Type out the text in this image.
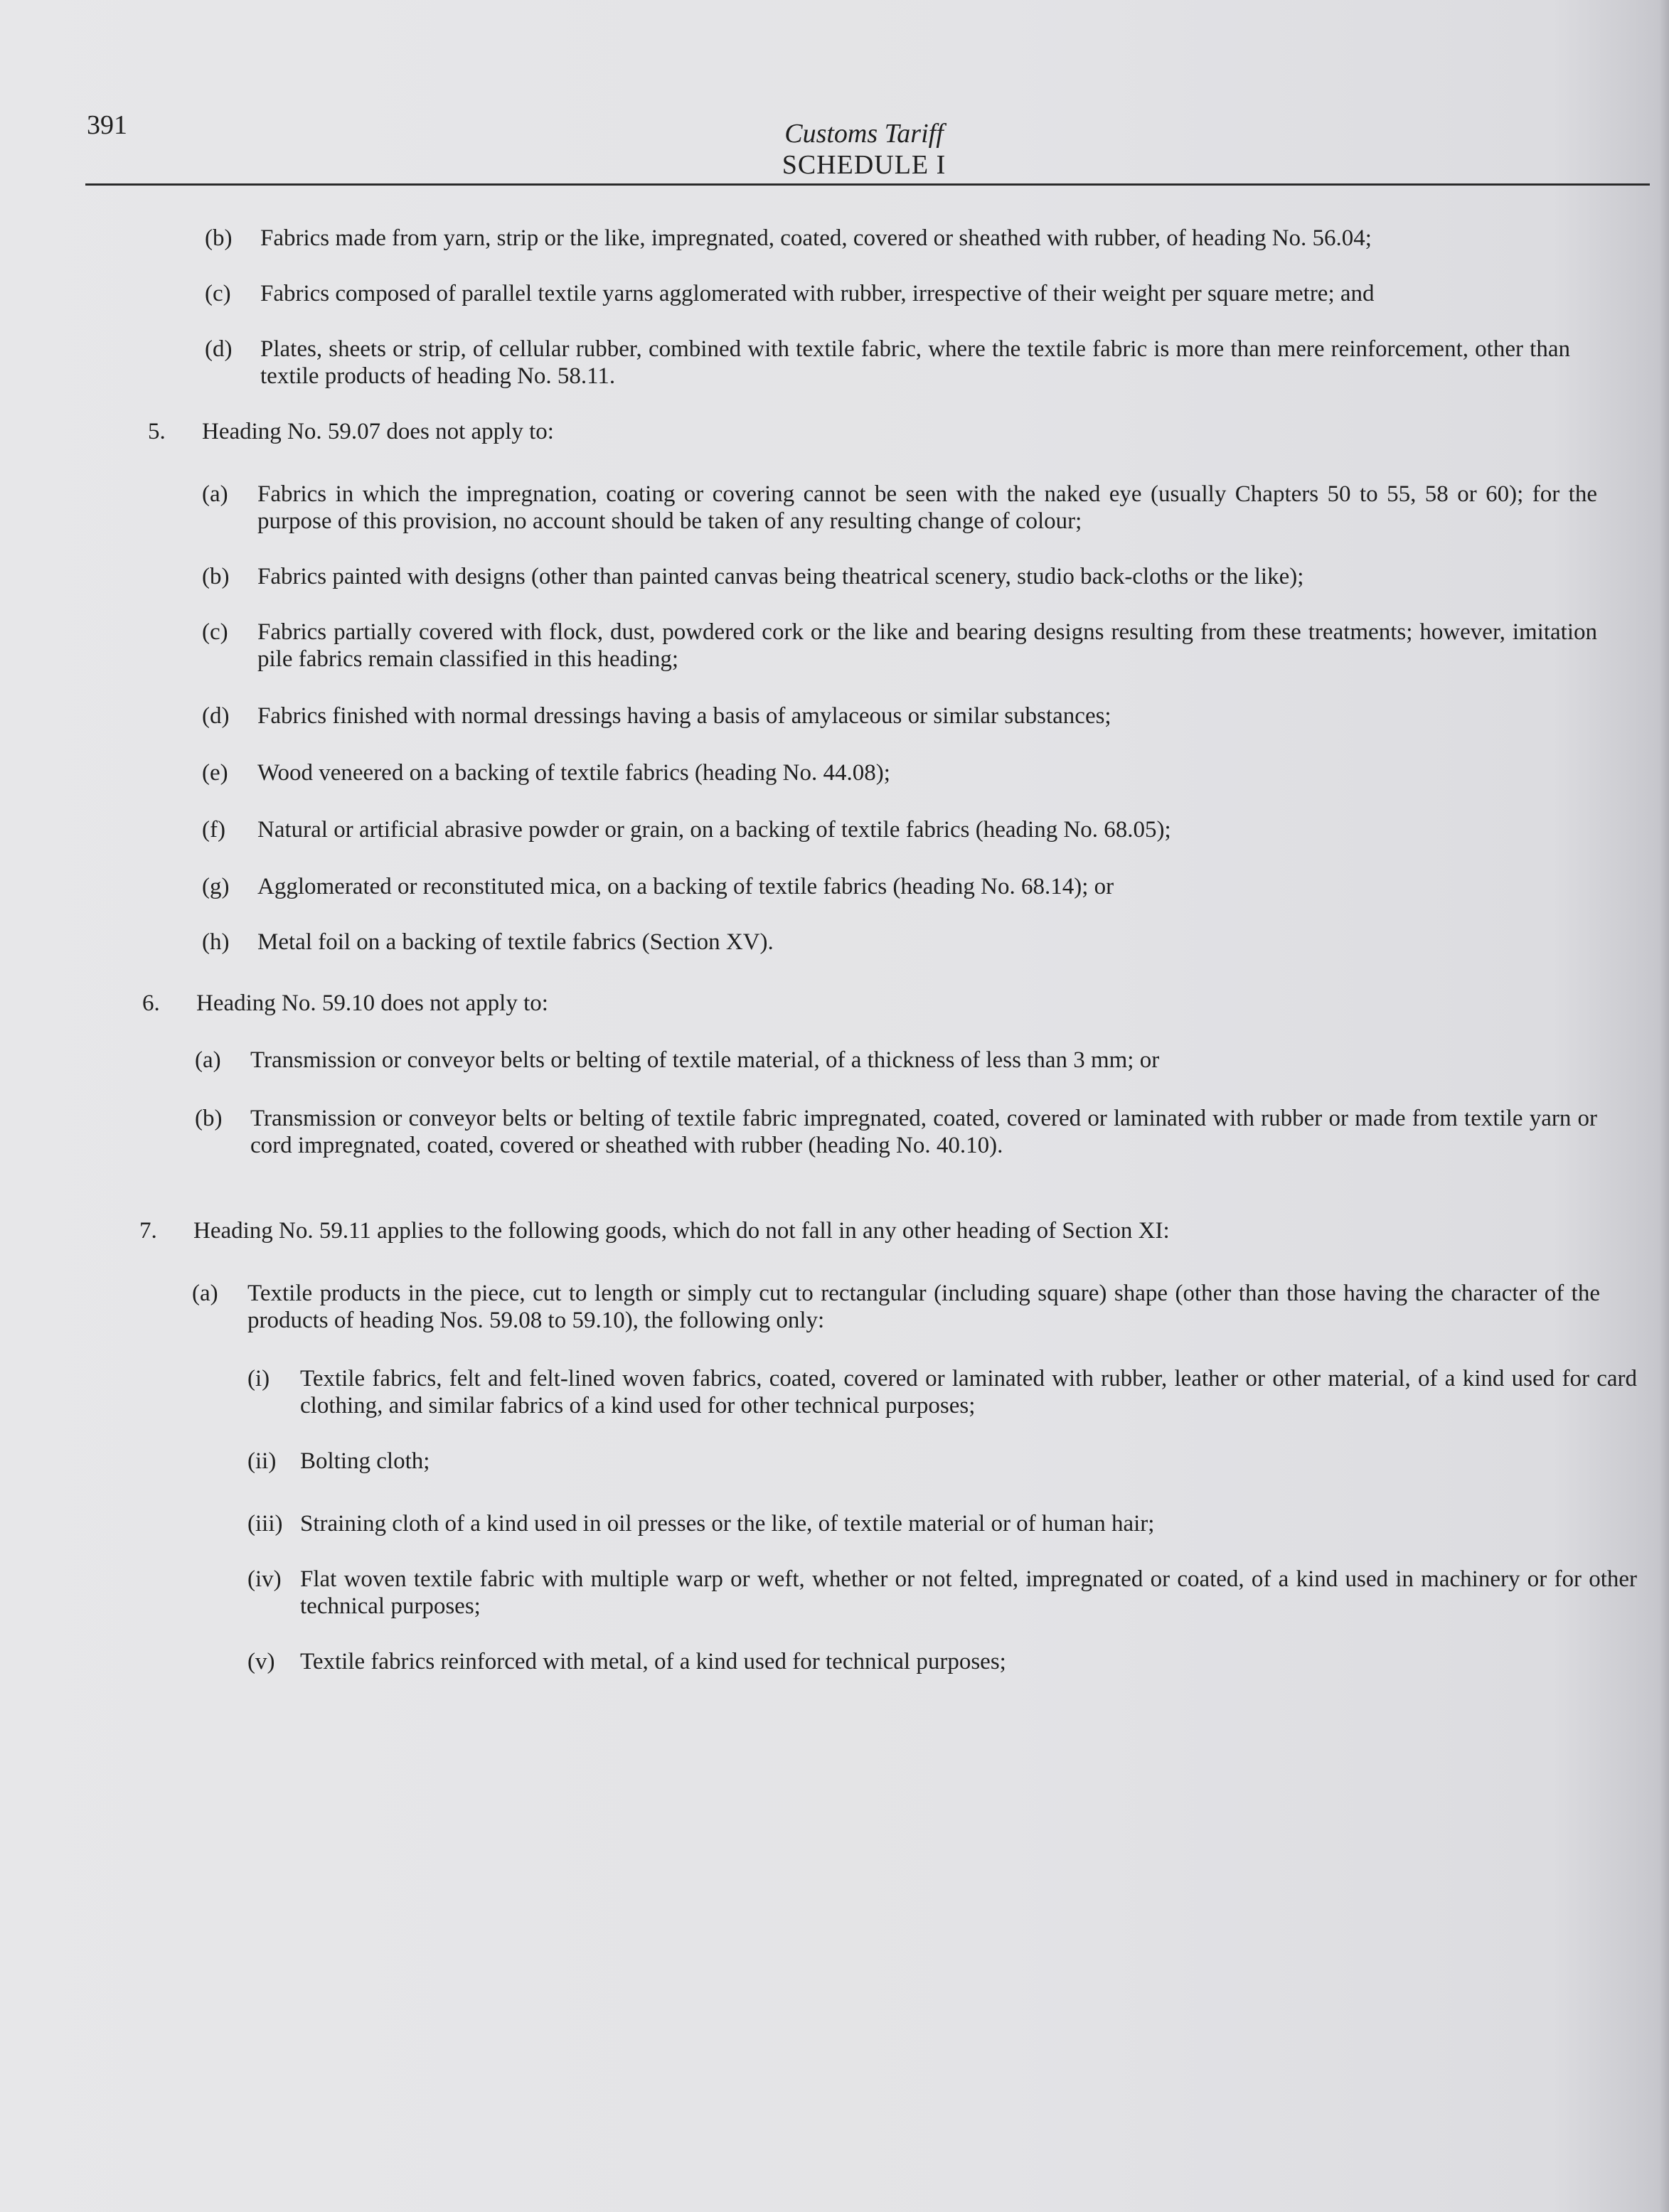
391	Customs Tariff
SCHEDULE I
(b)	Fabrics made from yarn, strip or the like, impregnated, coated, covered or sheathed with rubber, of heading No. 56.04;
(c)	Fabrics composed of parallel textile yarns agglomerated with rubber, irrespective of their weight per square metre; and
(d)	Plates, sheets or strip, of cellular rubber, combined with textile fabric, where the textile fabric is more than mere reinforcement, other than textile products of heading No. 58.11.
5.	Heading No. 59.07 does not apply to:
(a)	Fabrics in which the impregnation, coating or covering cannot be seen with the naked eye (usually Chapters 50 to 55, 58 or 60); for the purpose of this provision, no account should be taken of any resulting change of colour;
(b)	Fabrics painted with designs (other than painted canvas being theatrical scenery, studio back-cloths or the like);
(c)	Fabrics partially covered with flock, dust, powdered cork or the like and bearing designs resulting from these treatments; however, imitation pile fabrics remain classified in this heading;
(d)	Fabrics finished with normal dressings having a basis of amylaceous or similar substances;
(e)	Wood veneered on a backing of textile fabrics (heading No. 44.08);
(f)	Natural or artificial abrasive powder or grain, on a backing of textile fabrics (heading No. 68.05);
(g)	Agglomerated or reconstituted mica, on a backing of textile fabrics (heading No. 68.14); or
(h)	Metal foil on a backing of textile fabrics (Section XV).
6.	Heading No. 59.10 does not apply to:
(a)	Transmission or conveyor belts or belting of textile material, of a thickness of less than 3 mm; or
(b)	Transmission or conveyor belts or belting of textile fabric impregnated, coated, covered or laminated with rubber or made from textile yarn or cord impregnated, coated, covered or sheathed with rubber (heading No. 40.10).
7.	Heading No. 59.11 applies to the following goods, which do not fall in any other heading of Section XI:
(a)	Textile products in the piece, cut to length or simply cut to rectangular (including square) shape (other than those having the character of the products of heading Nos. 59.08 to 59.10), the following only:
(i)	Textile fabrics, felt and felt-lined woven fabrics, coated, covered or laminated with rubber, leather or other material, of a kind used for card clothing, and similar fabrics of a kind used for other technical purposes;
(ii)	Bolting cloth;
(iii) Straining cloth of a kind used in oil presses or the like, of textile material or of human hair;
(iv) Flat woven textile fabric with multiple warp or weft, whether or not felted, impregnated or coated, of a kind used in machinery or for other technical purposes;
(v)	Textile fabrics reinforced with metal, of a kind used for technical purposes;
